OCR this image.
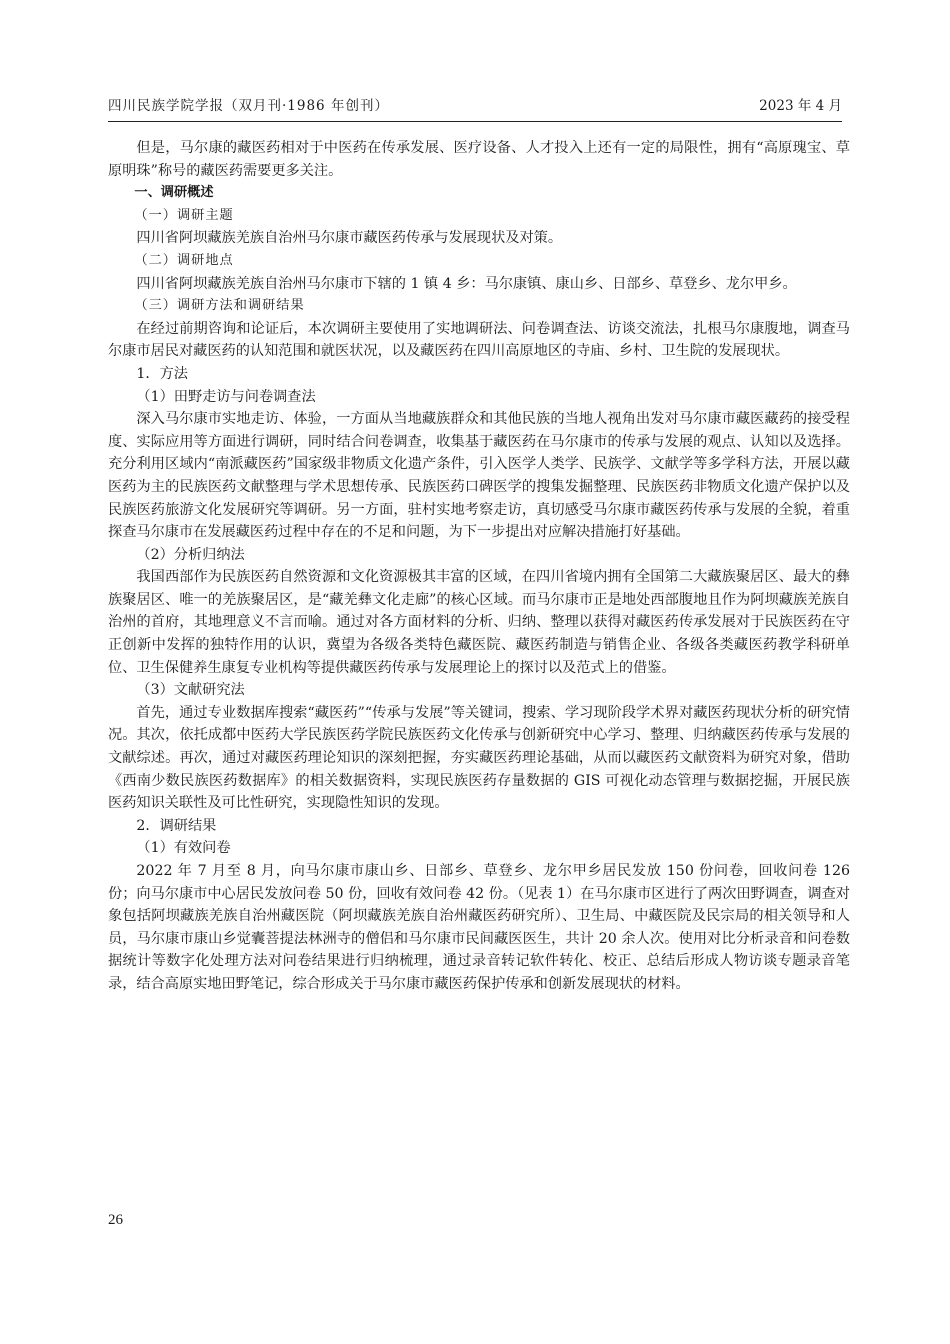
四川民族学院学报（双月刊·1986 年创刊）	2023 年 4 月

但是，马尔康的藏医药相对于中医药在传承发展、医疗设备、人才投入上还有一定的局限性，拥有“高原瑰宝、草原明珠”称号的藏医药需要更多关注。

一、调研概述

（一）调研主题

四川省阿坝藏族羌族自治州马尔康市藏医药传承与发展现状及对策。

（二）调研地点

四川省阿坝藏族羌族自治州马尔康市下辖的 1 镇 4 乡：马尔康镇、康山乡、日部乡、草登乡、龙尔甲乡。

（三）调研方法和调研结果

在经过前期咨询和论证后，本次调研主要使用了实地调研法、问卷调查法、访谈交流法，扎根马尔康腹地，调查马尔康市居民对藏医药的认知范围和就医状况，以及藏医药在四川高原地区的寺庙、乡村、卫生院的发展现状。

1．方法

（1）田野走访与问卷调查法

深入马尔康市实地走访、体验，一方面从当地藏族群众和其他民族的当地人视角出发对马尔康市藏医藏药的接受程度、实际应用等方面进行调研，同时结合问卷调查，收集基于藏医药在马尔康市的传承与发展的观点、认知以及选择。充分利用区域内“南派藏医药”国家级非物质文化遗产条件，引入医学人类学、民族学、文献学等多学科方法，开展以藏医药为主的民族医药文献整理与学术思想传承、民族医药口碑医学的搜集发掘整理、民族医药非物质文化遗产保护以及民族医药旅游文化发展研究等调研。另一方面，驻村实地考察走访，真切感受马尔康市藏医药传承与发展的全貌，着重探查马尔康市在发展藏医药过程中存在的不足和问题，为下一步提出对应解决措施打好基础。

（2）分析归纳法

我国西部作为民族医药自然资源和文化资源极其丰富的区域，在四川省境内拥有全国第二大藏族聚居区、最大的彝族聚居区、唯一的羌族聚居区，是“藏羌彝文化走廊”的核心区域。而马尔康市正是地处西部腹地且作为阿坝藏族羌族自治州的首府，其地理意义不言而喻。通过对各方面材料的分析、归纳、整理以获得对藏医药传承发展对于民族医药在守正创新中发挥的独特作用的认识，冀望为各级各类特色藏医院、藏医药制造与销售企业、各级各类藏医药教学科研单位、卫生保健养生康复专业机构等提供藏医药传承与发展理论上的探讨以及范式上的借鉴。

（3）文献研究法

首先，通过专业数据库搜索“藏医药”“传承与发展”等关键词，搜索、学习现阶段学术界对藏医药现状分析的研究情况。其次，依托成都中医药大学民族医药学院民族医药文化传承与创新研究中心学习、整理、归纳藏医药传承与发展的文献综述。再次，通过对藏医药理论知识的深刻把握，夯实藏医药理论基础，从而以藏医药文献资料为研究对象，借助《西南少数民族医药数据库》的相关数据资料，实现民族医药存量数据的 GIS 可视化动态管理与数据挖掘，开展民族医药知识关联性及可比性研究，实现隐性知识的发现。

2．调研结果

（1）有效问卷

2022 年 7 月至 8 月，向马尔康市康山乡、日部乡、草登乡、龙尔甲乡居民发放 150 份问卷，回收问卷 126 份；向马尔康市中心居民发放问卷 50 份，回收有效问卷 42 份。（见表 1）在马尔康市区进行了两次田野调查，调查对象包括阿坝藏族羌族自治州藏医院（阿坝藏族羌族自治州藏医药研究所）、卫生局、中藏医院及民宗局的相关领导和人员，马尔康市康山乡觉囊菩提法林洲寺的僧侣和马尔康市民间藏医医生，共计 20 余人次。使用对比分析录音和问卷数据统计等数字化处理方法对问卷结果进行归纳梳理，通过录音转记软件转化、校正、总结后形成人物访谈专题录音笔录，结合高原实地田野笔记，综合形成关于马尔康市藏医药保护传承和创新发展现状的材料。

26
